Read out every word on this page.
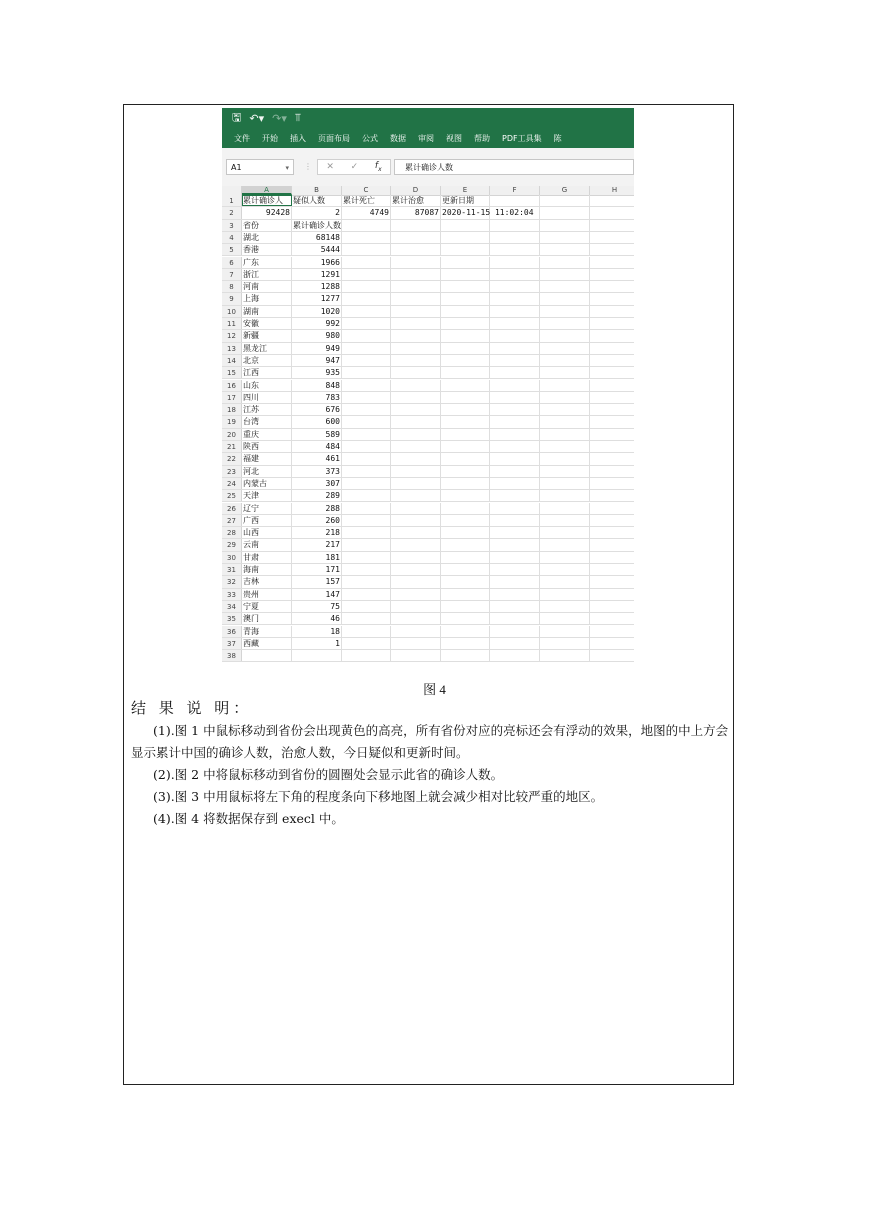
🖫 ↶▾ ↷▾ ⫪
文件 开始 插入 页面布局 公式 数据 审阅 视图 帮助 PDF工具集 陈
A1	▾ ⋮ ✕ ✓ $f_x$	累计确诊人数
A	B	C	D	E	F	G	H
1	累计确诊人	疑似人数	累计死亡	累计治愈	更新日期
2	92428	2	4749	87087 2020-11-15 11:02:04
3	省份	累计确诊人数
4	湖北	68148
5	香港	5444
6	广东	1966
7	浙江	1291
8	河南	1288
9	上海	1277
10 湖南	1020
11 安徽	992
12 新疆	980
13 黑龙江	949
14 北京	947
15 江西	935
16 山东	848
17 四川	783
18 江苏	676
19 台湾	600
20 重庆	589
21 陕西	484
22 福建	461
23 河北	373
24 内蒙古	307
25 天津	289
26 辽宁	288
27 广西	260
28 山西	218
29 云南	217
30 甘肃	181
31 海南	171
32 吉林	157
33 贵州	147
34 宁夏	75
35 澳门	46
36 青海	18
37 西藏	1
38
图 4
结 果 说 明：
(1).图 1 中鼠标移动到省份会出现黄色的高亮，所有省份对应的亮标还会有浮动的效果，地图的中上方会显示累计中国的确诊人数，治愈人数，今日疑似和更新时间。
(2).图 2 中将鼠标移动到省份的圆圈处会显示此省的确诊人数。
(3).图 3 中用鼠标将左下角的程度条向下移地图上就会减少相对比较严重的地区。
(4).图 4 将数据保存到 execl 中。
